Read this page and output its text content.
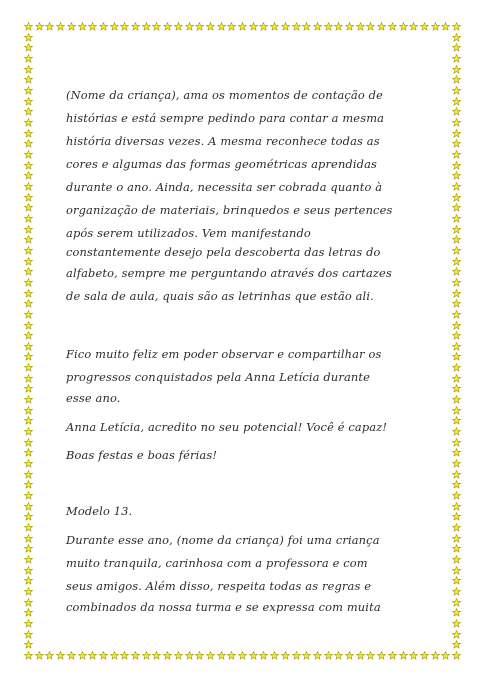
(Nome da criança), ama os momentos de contação de
histórias e está sempre pedindo para contar a mesma
história diversas vezes. A mesma reconhece todas as
cores e algumas das formas geométricas aprendidas
durante o ano. Ainda, necessita ser cobrada quanto à
organização de materiais, brinquedos e seus pertences
após serem utilizados. Vem manifestando
constantemente desejo pela descoberta das letras do
alfabeto, sempre me perguntando através dos cartazes
de sala de aula, quais são as letrinhas que estão ali.
Fico muito feliz em poder observar e compartilhar os
progressos conquistados pela Anna Letícia durante
esse ano.
Anna Letícia, acredito no seu potencial! Você é capaz!
Boas festas e boas férias!
Modelo 13.
Durante esse ano, (nome da criança) foi uma criança
muito tranquila, carinhosa com a professora e com
seus amigos. Além disso, respeita todas as regras e
combinados da nossa turma e se expressa com muita
